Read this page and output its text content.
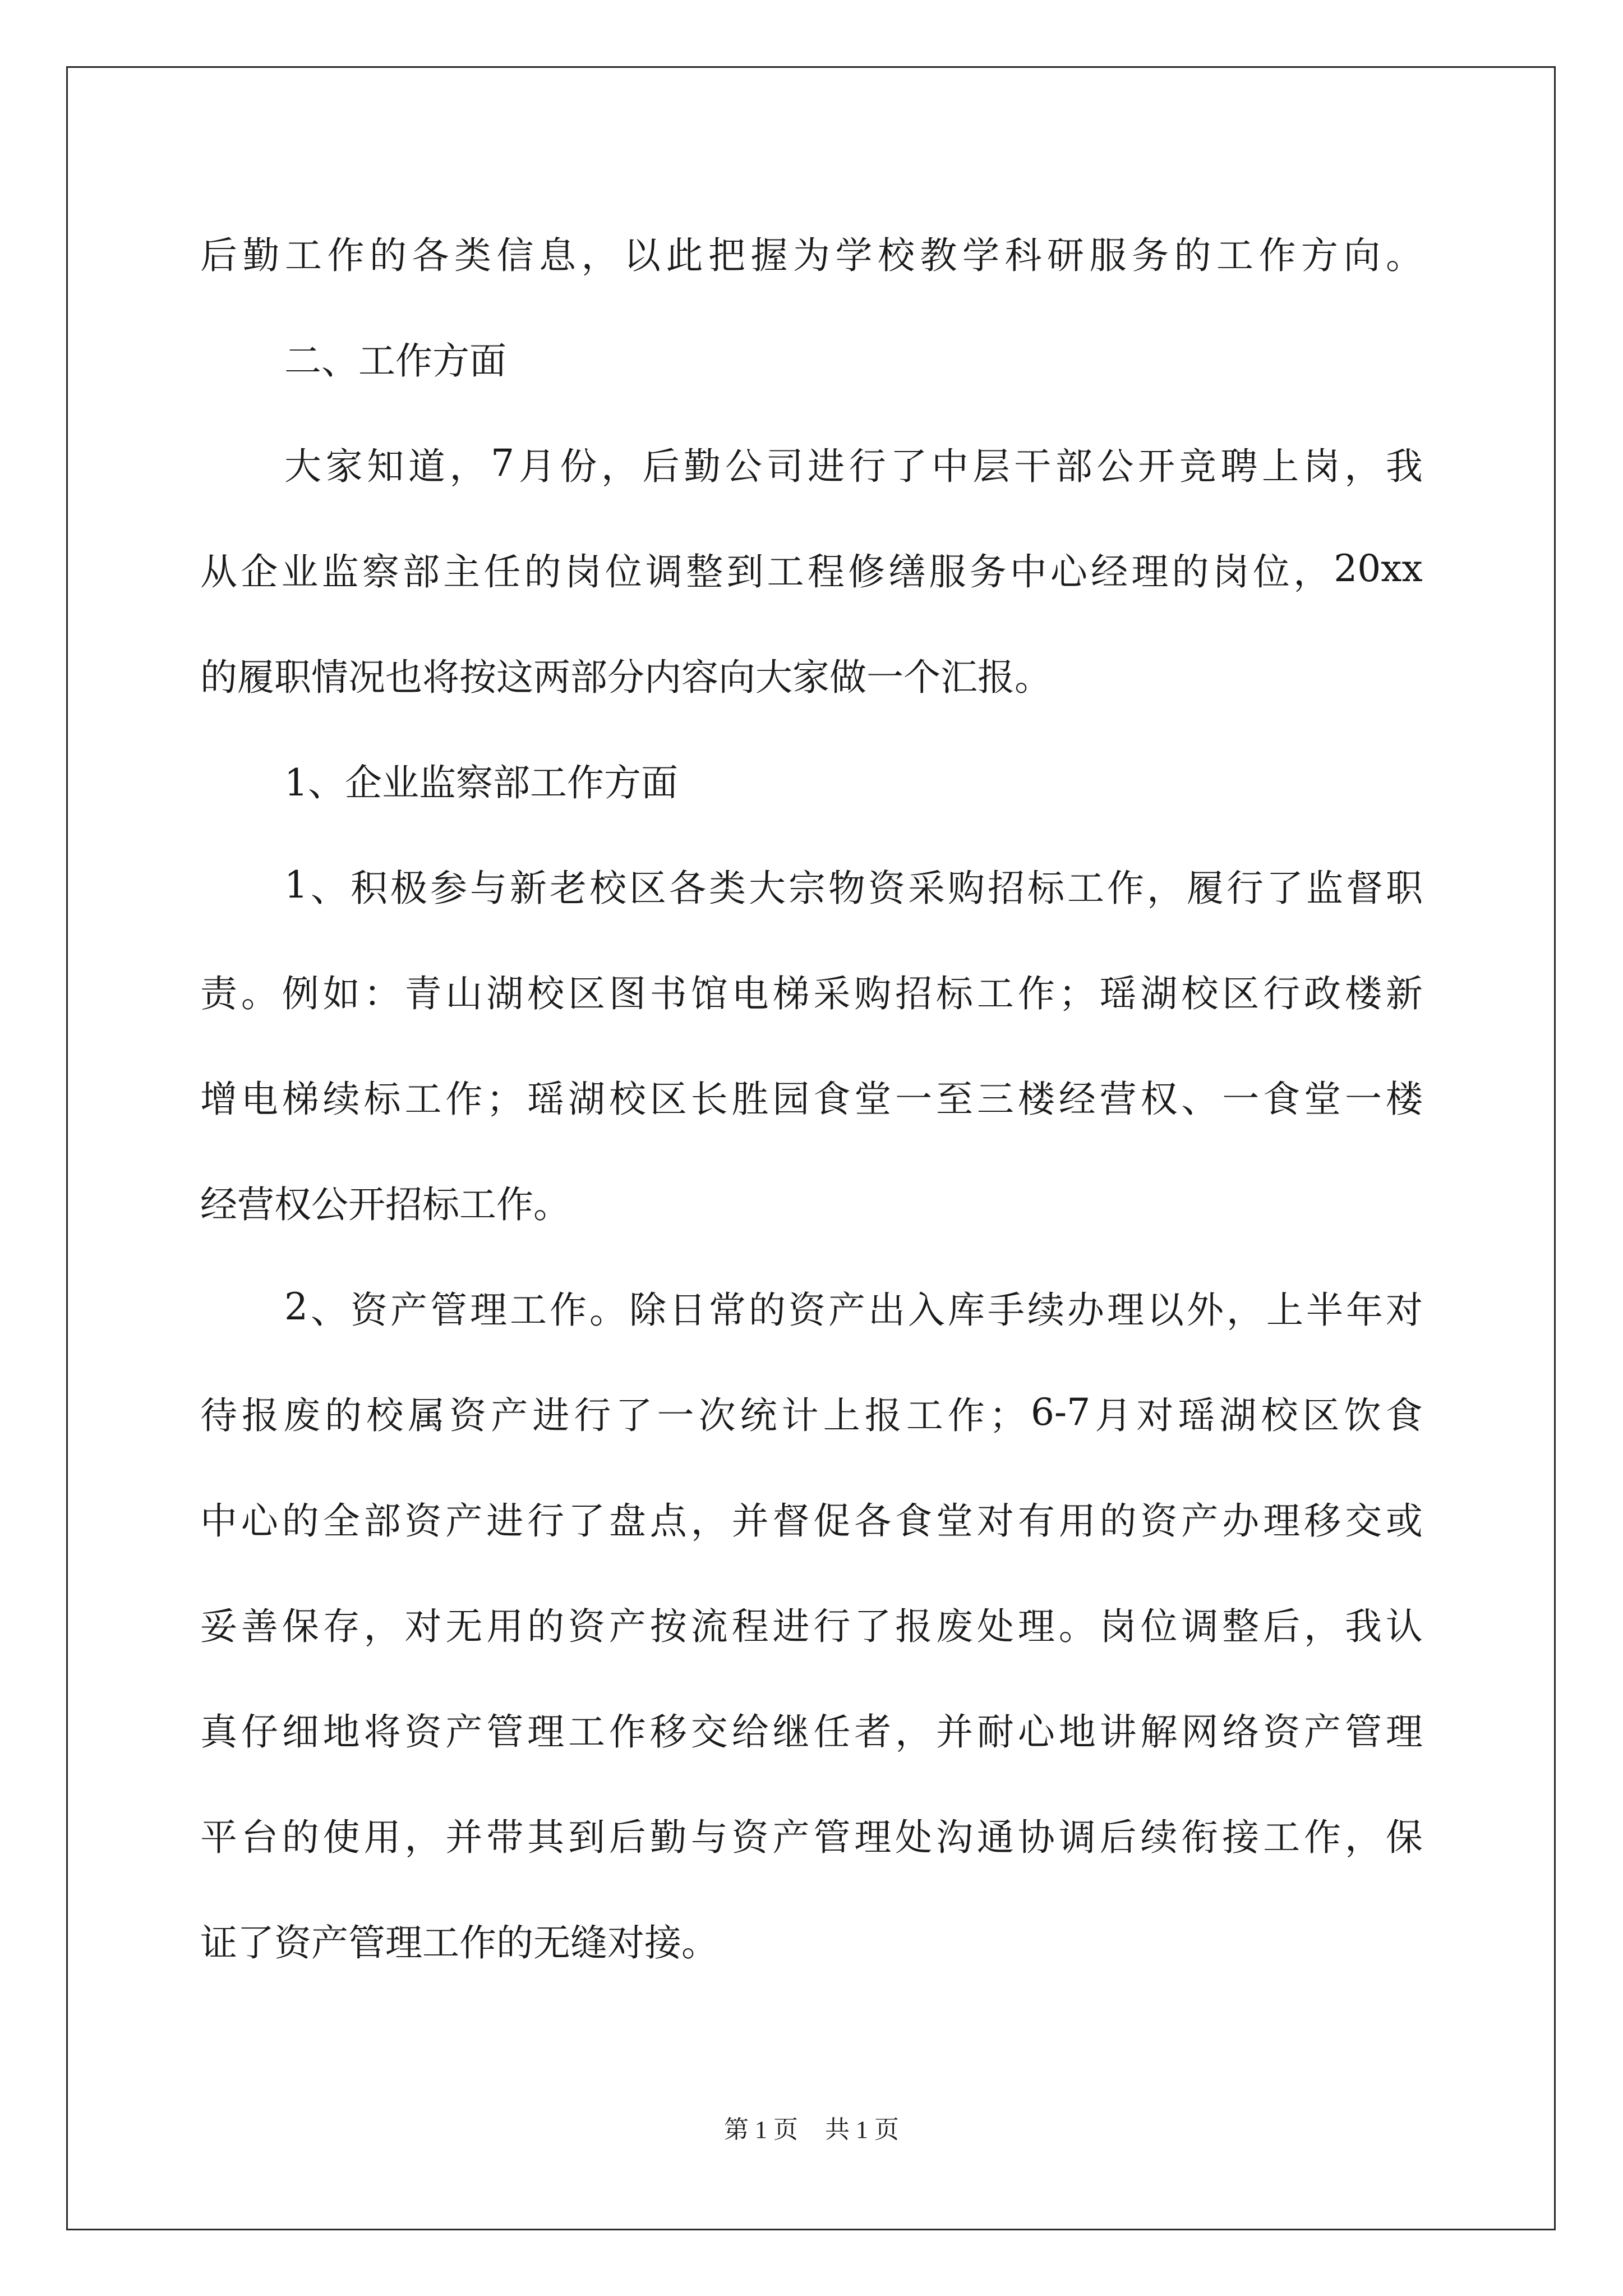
后 勤 工 作 的 各 类 信 息 ， 以 此 把 握 为 学 校 教 学 科 研 服 务 的 工 作 方 向 。
二、工作方面
大 家 知 道 ， 7 月 份 ， 后 勤 公 司 进 行 了 中 层 干 部 公 开 竞 聘 上 岗 ， 我
从 企 业 监 察 部 主 任 的 岗 位 调 整 到 工 程 修 缮 服 务 中 心 经 理 的 岗 位 ， 20xx
的履职情况也将按这两部分内容向大家做一个汇报。
1、企业监察部工作方面
1 、 积 极 参 与 新 老 校 区 各 类 大 宗 物 资 采 购 招 标 工 作 ， 履 行 了 监 督 职
责 。 例 如 ： 青 山 湖 校 区 图 书 馆 电 梯 采 购 招 标 工 作 ； 瑶 湖 校 区 行 政 楼 新
增 电 梯 续 标 工 作 ； 瑶 湖 校 区 长 胜 园 食 堂 一 至 三 楼 经 营 权 、 一 食 堂 一 楼
经营权公开招标工作。
2 、 资 产 管 理 工 作 。 除 日 常 的 资 产 出 入 库 手 续 办 理 以 外 ， 上 半 年 对
待 报 废 的 校 属 资 产 进 行 了 一 次 统 计 上 报 工 作 ； 6-7 月 对 瑶 湖 校 区 饮 食
中 心 的 全 部 资 产 进 行 了 盘 点 ， 并 督 促 各 食 堂 对 有 用 的 资 产 办 理 移 交 或
妥 善 保 存 ， 对 无 用 的 资 产 按 流 程 进 行 了 报 废 处 理 。 岗 位 调 整 后 ， 我 认
真 仔 细 地 将 资 产 管 理 工 作 移 交 给 继 任 者 ， 并 耐 心 地 讲 解 网 络 资 产 管 理
平 台 的 使 用 ， 并 带 其 到 后 勤 与 资 产 管 理 处 沟 通 协 调 后 续 衔 接 工 作 ， 保
证了资产管理工作的无缝对接。
第 1 页 共 1 页
